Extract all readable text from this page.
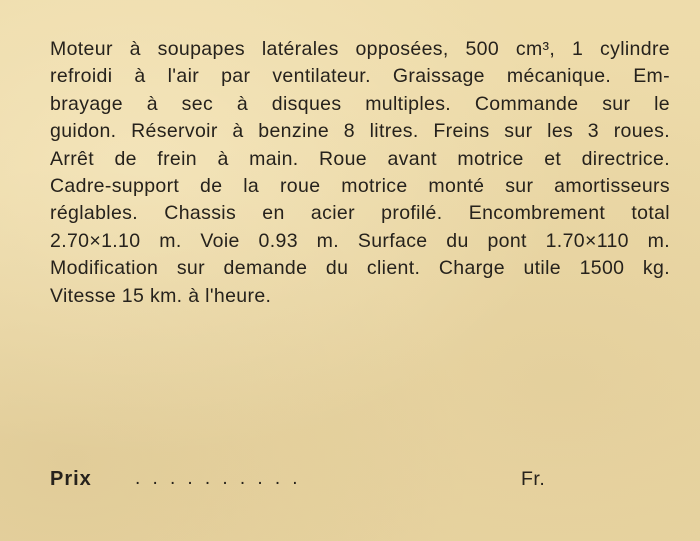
Moteur à soupapes latérales opposées, 500 cm³, 1 cylindre
refroidi à l'air par ventilateur. Graissage mécanique. Em-
brayage à sec à disques multiples. Commande sur le
guidon. Réservoir à benzine 8 litres. Freins sur les 3 roues.
Arrêt de frein à main. Roue avant motrice et directrice.
Cadre-support de la roue motrice monté sur amortisseurs
réglables. Chassis en acier profilé. Encombrement total
2.70×1.10 m. Voie 0.93 m. Surface du pont 1.70×110 m.
Modification sur demande du client. Charge utile 1500 kg.
Vitesse 15 km. à l'heure.
Prix ..........	Fr.
